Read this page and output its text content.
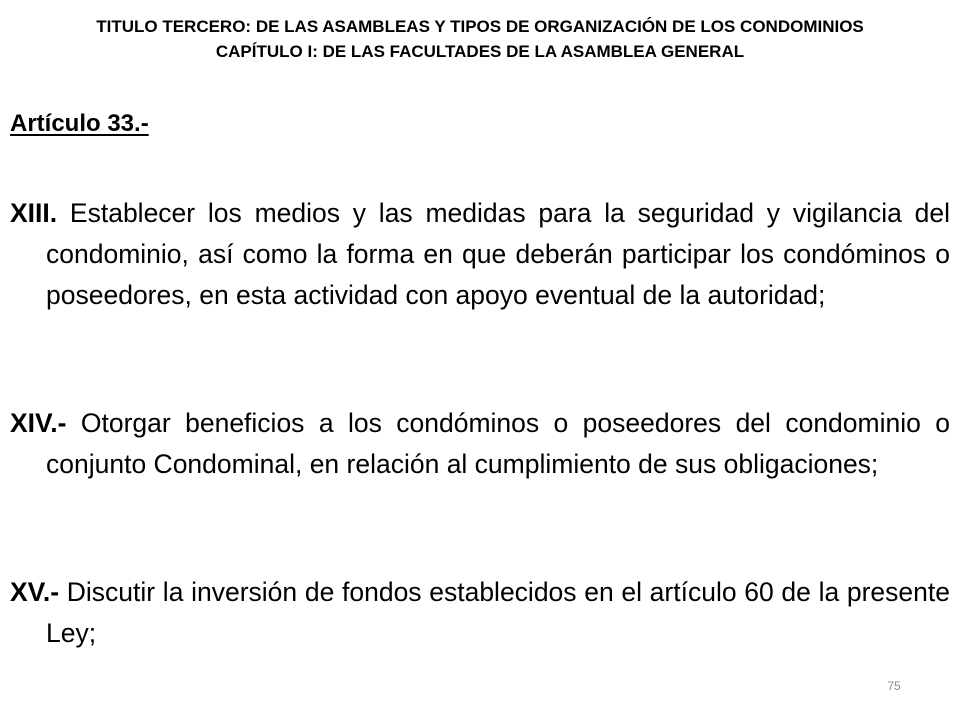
TITULO TERCERO: DE LAS ASAMBLEAS Y TIPOS DE ORGANIZACIÓN DE LOS CONDOMINIOS
CAPÍTULO I: DE LAS FACULTADES DE LA ASAMBLEA GENERAL
Artículo 33.-

XIII. Establecer los medios y las medidas para la seguridad y vigilancia del condominio, así como la forma en que deberán participar los condóminos o poseedores, en esta actividad con apoyo eventual de la autoridad;

XIV.- Otorgar beneficios a los condóminos o poseedores del condominio o conjunto Condominal, en relación al cumplimiento de sus obligaciones;

XV.- Discutir la inversión de fondos establecidos en el artículo 60 de la presente Ley;

75
